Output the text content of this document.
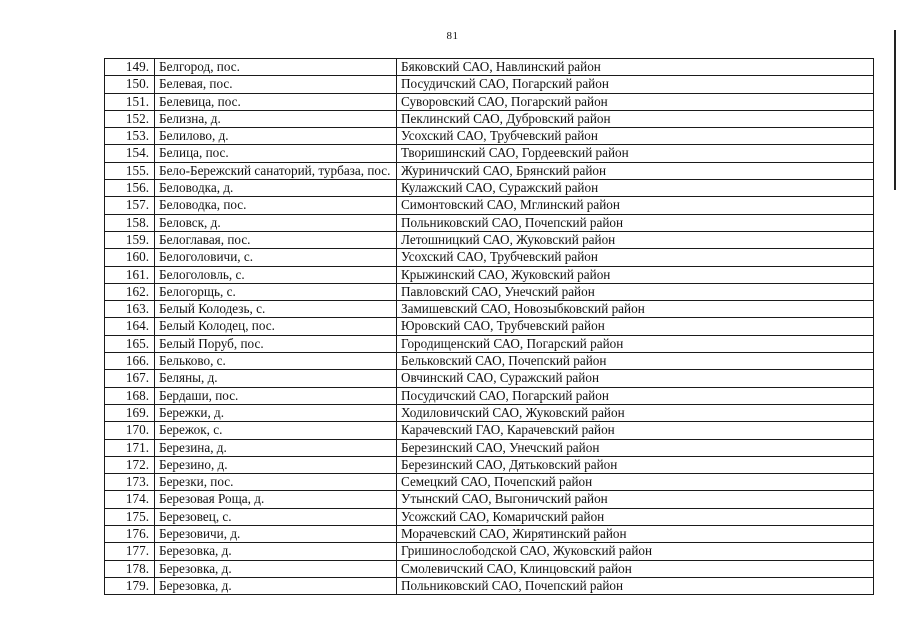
81
149.	Белгород, пос.	Бяковский САО, Навлинский район
150.	Белевая, пос.	Посудичский САО, Погарский район
151.	Белевица, пос.	Суворовский САО, Погарский район
152.	Белизна, д.	Пеклинский САО, Дубровский район
153.	Белилово, д.	Усохский САО, Трубчевский район
154.	Белица, пос.	Творишинский САО, Гордеевский район
155.	Бело-Бережский санаторий, турбаза, пос.	Журиничский САО, Брянский район
156.	Беловодка, д.	Кулажский САО, Суражский район
157.	Беловодка, пос.	Симонтовский САО, Мглинский район
158.	Беловск, д.	Польниковский САО, Почепский район
159.	Белоглавая, пос.	Летошницкий САО, Жуковский район
160.	Белоголовичи, с.	Усохский САО, Трубчевский район
161.	Белоголовль, с.	Крыжинский САО, Жуковский район
162.	Белогорщь, с.	Павловский САО, Унечский район
163.	Белый Колодезь, с.	Замишевский САО, Новозыбковский район
164.	Белый Колодец, пос.	Юровский САО, Трубчевский район
165.	Белый Поруб, пос.	Городищенский САО, Погарский район
166.	Бельково, с.	Бельковский САО, Почепский район
167.	Беляны, д.	Овчинский САО, Суражский район
168.	Бердаши, пос.	Посудичский САО, Погарский район
169.	Бережки, д.	Ходиловичский САО, Жуковский район
170.	Бережок, с.	Карачевский ГАО, Карачевский район
171.	Березина, д.	Березинский САО, Унечский район
172.	Березино, д.	Березинский САО, Дятьковский район
173.	Березки, пос.	Семецкий САО, Почепский район
174.	Березовая Роща, д.	Утынский САО, Выгоничский район
175.	Березовец, с.	Усожский САО, Комаричский район
176.	Березовичи, д.	Морачевский САО, Жирятинский район
177.	Березовка, д.	Гришинослободской САО, Жуковский район
178.	Березовка, д.	Смолевичский САО, Клинцовский район
179.	Березовка, д.	Польниковский САО, Почепский район
